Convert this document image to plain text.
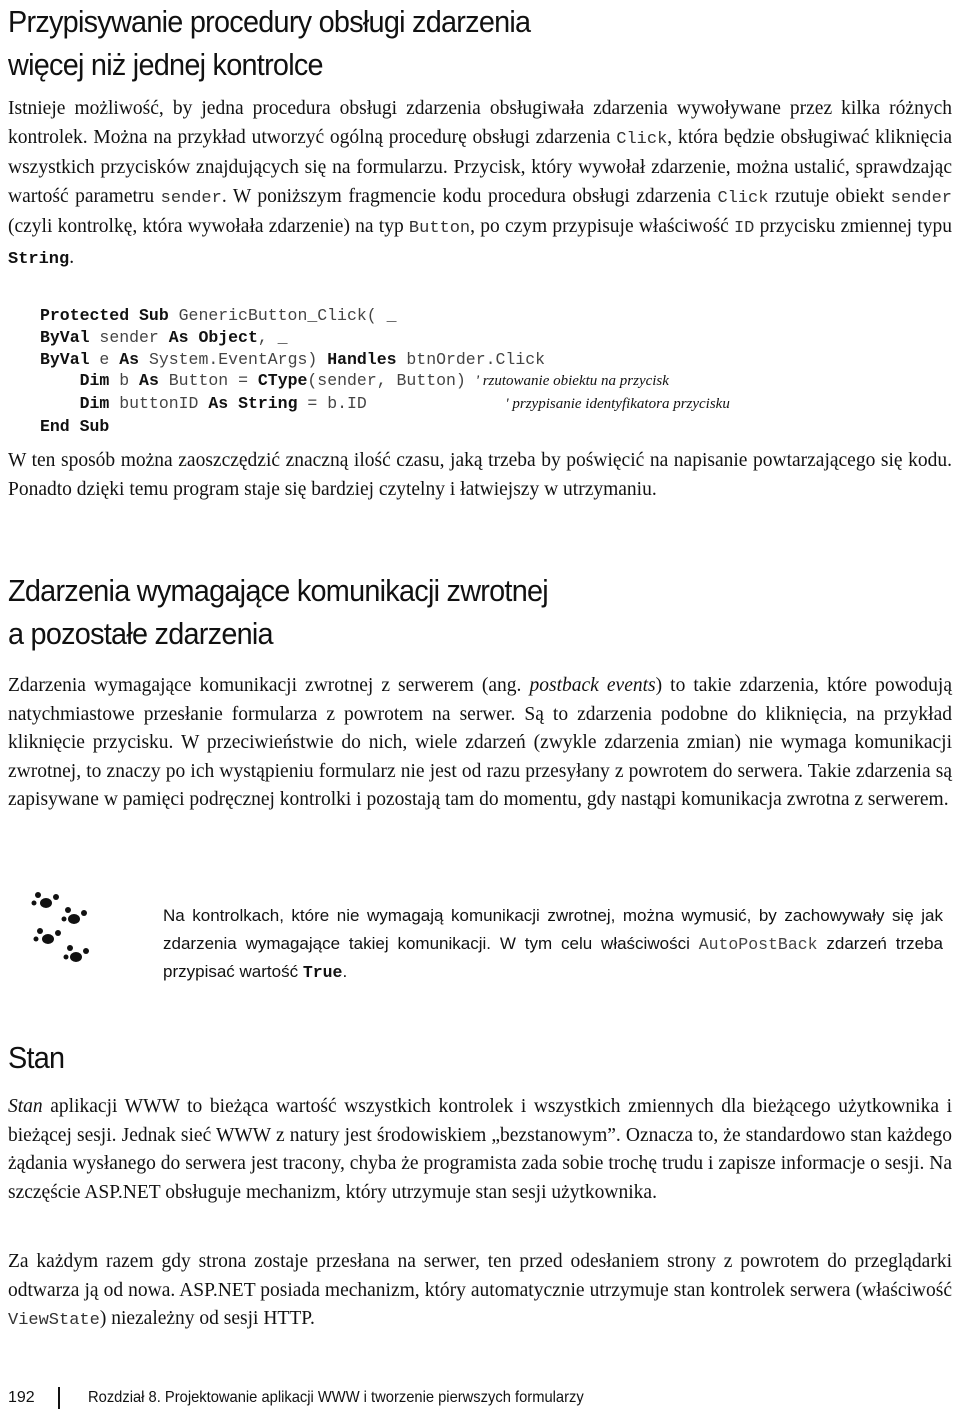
Przypisywanie procedury obsługi zdarzenia
więcej niż jednej kontrolce

Istnieje możliwość, by jedna procedura obsługi zdarzenia obsługiwała zdarzenia wywoływane przez kilka różnych kontrolek. Można na przykład utworzyć ogólną procedurę obsługi zdarzenia Click, która będzie obsługiwać kliknięcia wszystkich przycisków znajdujących się na formularzu. Przycisk, który wywołał zdarzenie, można ustalić, sprawdzając wartość parametru sender. W poniższym fragmencie kodu procedura obsługi zdarzenia Click rzutuje obiekt sender (czyli kontrolkę, która wywołała zdarzenie) na typ Button, po czym przypisuje właściwość ID przycisku zmiennej typu String.

Protected Sub GenericButton_Click( _
ByVal sender As Object, _
ByVal e As System.EventArgs) Handles btnOrder.Click
Dim b As Button = CType(sender, Button) ' rzutowanie obiektu na przycisk
Dim buttonID As String = b.ID	' przypisanie identyfikatora przycisku
End Sub

W ten sposób można zaoszczędzić znaczną ilość czasu, jaką trzeba by poświęcić na napisanie powtarzającego się kodu. Ponadto dzięki temu program staje się bardziej czytelny i łatwiejszy w utrzymaniu.

Zdarzenia wymagające komunikacji zwrotnej
a pozostałe zdarzenia

Zdarzenia wymagające komunikacji zwrotnej z serwerem (ang. postback events) to takie zdarzenia, które powodują natychmiastowe przesłanie formularza z powrotem na serwer. Są to zdarzenia podobne do kliknięcia, na przykład kliknięcie przycisku. W przeciwieństwie do nich, wiele zdarzeń (zwykle zdarzenia zmian) nie wymaga komunikacji zwrotnej, to znaczy po ich wystąpieniu formularz nie jest od razu przesyłany z powrotem do serwera. Takie zdarzenia są zapisywane w pamięci podręcznej kontrolki i pozostają tam do momentu, gdy nastąpi komunikacja zwrotna z serwerem.

Na kontrolkach, które nie wymagają komunikacji zwrotnej, można wymusić, by zachowywały się jak zdarzenia wymagające takiej komunikacji. W tym celu właściwości AutoPostBack zdarzeń trzeba przypisać wartość True.

Stan

Stan aplikacji WWW to bieżąca wartość wszystkich kontrolek i wszystkich zmiennych dla bieżącego użytkownika i bieżącej sesji. Jednak sieć WWW z natury jest środowiskiem „bezstanowym”. Oznacza to, że standardowo stan każdego żądania wysłanego do serwera jest tracony, chyba że programista zada sobie trochę trudu i zapisze informacje o sesji. Na szczęście ASP.NET obsługuje mechanizm, który utrzymuje stan sesji użytkownika.

Za każdym razem gdy strona zostaje przesłana na serwer, ten przed odesłaniem strony z powrotem do przeglądarki odtwarza ją od nowa. ASP.NET posiada mechanizm, który automatycznie utrzymuje stan kontrolek serwera (właściwość ViewState) niezależny od sesji HTTP.

192	Rozdział 8. Projektowanie aplikacji WWW i tworzenie pierwszych formularzy
